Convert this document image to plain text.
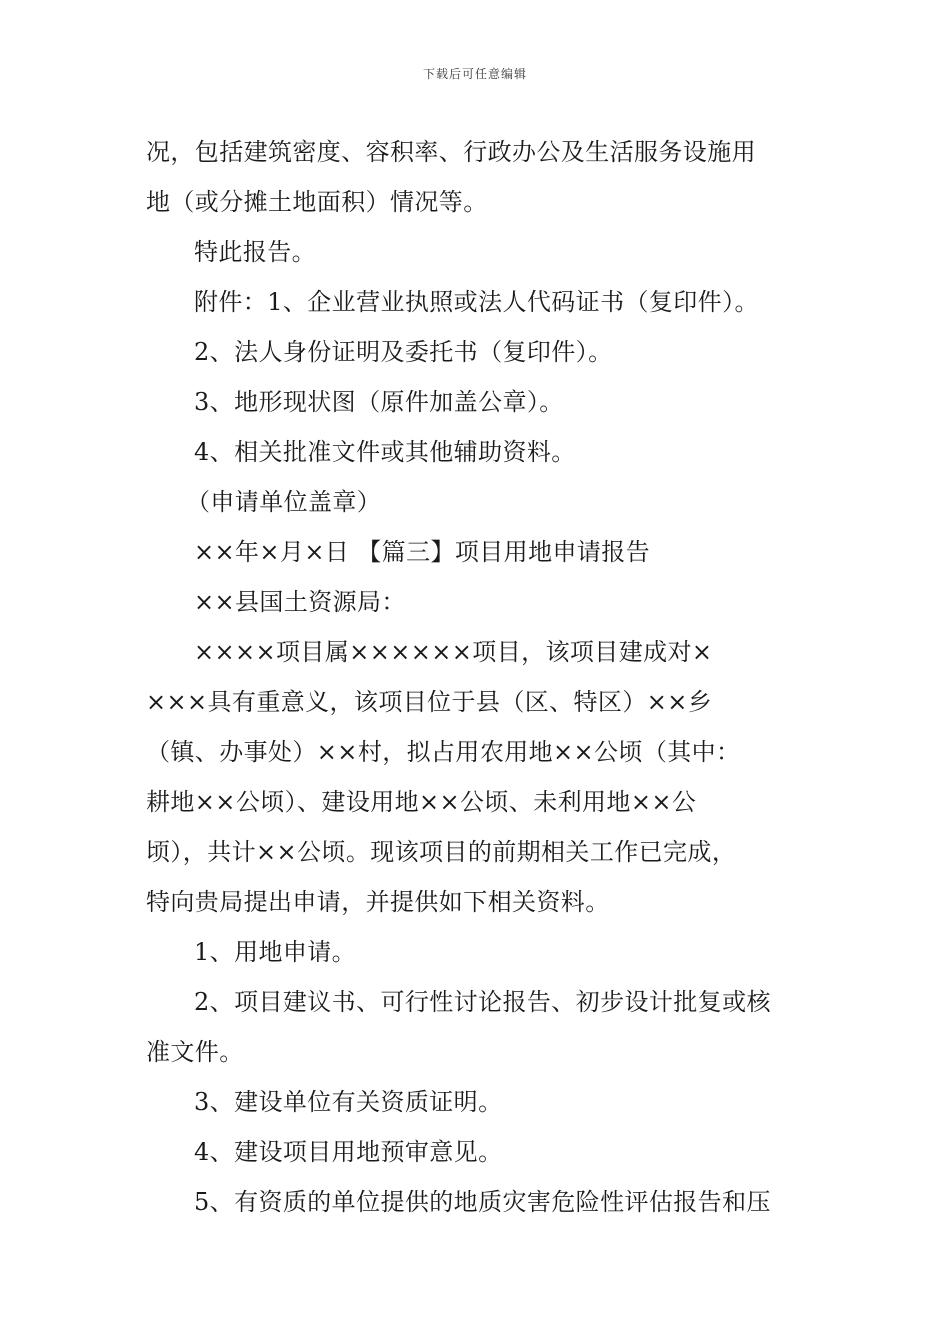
下载后可任意编辑
况，包括建筑密度、容积率、行政办公及生活服务设施用
地（或分摊土地面积）情况等。
特此报告。
附件：1、企业营业执照或法人代码证书（复印件）。
2、法人身份证明及委托书（复印件）。
3、地形现状图（原件加盖公章）。
4、相关批准文件或其他辅助资料。
（申请单位盖章）
××年×月×日 【篇三】项目用地申请报告
××县国土资源局：
××××项目属××××××项目，该项目建成对×
×××具有重意义，该项目位于县（区、特区）××乡
（镇、办事处）××村，拟占用农用地××公顷（其中：
耕地××公顷）、建设用地××公顷、未利用地××公
顷），共计××公顷。现该项目的前期相关工作已完成，
特向贵局提出申请，并提供如下相关资料。
1、用地申请。
2、项目建议书、可行性讨论报告、初步设计批复或核
准文件。
3、建设单位有关资质证明。
4、建设项目用地预审意见。
5、有资质的单位提供的地质灾害危险性评估报告和压
